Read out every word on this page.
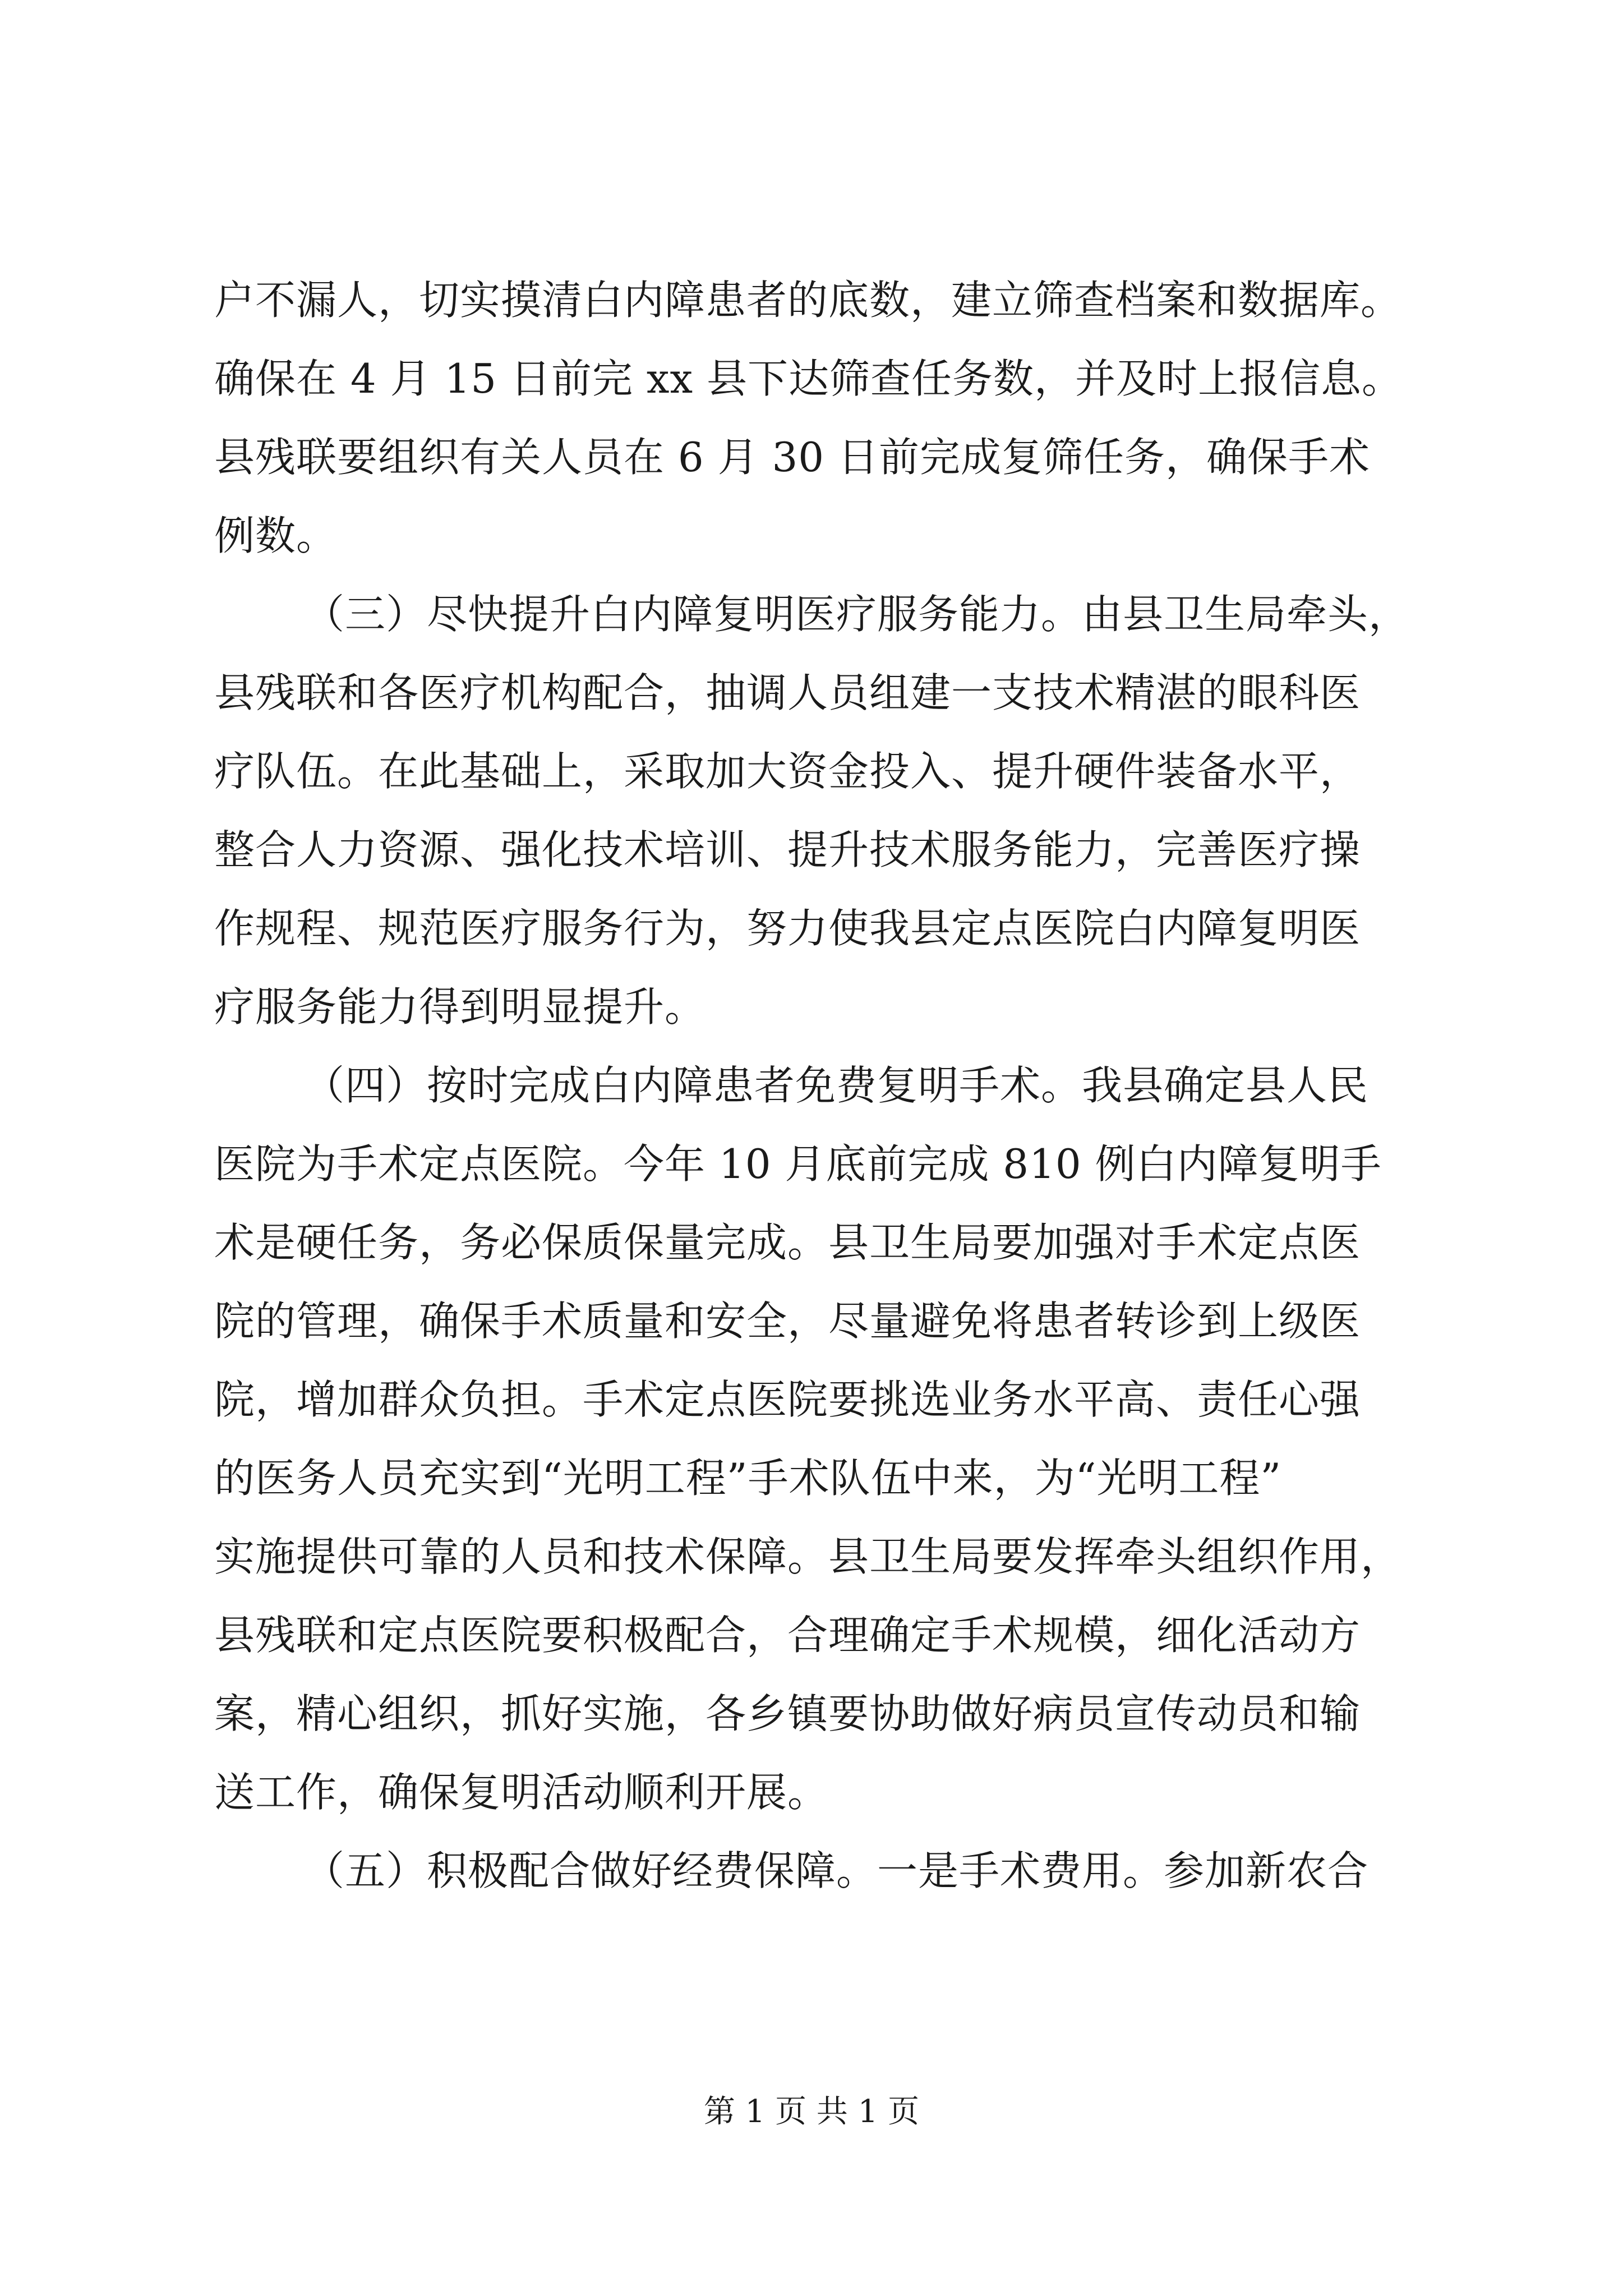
户不漏人，切实摸清白内障患者的底数，建立筛查档案和数据库。
确保在 4 月 15 日前完 xx 县下达筛查任务数，并及时上报信息。
县残联要组织有关人员在 6 月 30 日前完成复筛任务，确保手术
例数。
（三）尽快提升白内障复明医疗服务能力。由县卫生局牵头，
县残联和各医疗机构配合，抽调人员组建一支技术精湛的眼科医
疗队伍。在此基础上，采取加大资金投入、提升硬件装备水平，
整合人力资源、强化技术培训、提升技术服务能力，完善医疗操
作规程、规范医疗服务行为，努力使我县定点医院白内障复明医
疗服务能力得到明显提升。
（四）按时完成白内障患者免费复明手术。我县确定县人民
医院为手术定点医院。今年 10 月底前完成 810 例白内障复明手
术是硬任务，务必保质保量完成。县卫生局要加强对手术定点医
院的管理，确保手术质量和安全，尽量避免将患者转诊到上级医
院，增加群众负担。手术定点医院要挑选业务水平高、责任心强
的医务人员充实到“光明工程”手术队伍中来，为“光明工程”
实施提供可靠的人员和技术保障。县卫生局要发挥牵头组织作用，
县残联和定点医院要积极配合，合理确定手术规模，细化活动方
案，精心组织，抓好实施，各乡镇要协助做好病员宣传动员和输
送工作，确保复明活动顺利开展。
（五）积极配合做好经费保障。一是手术费用。参加新农合
第 1 页 共 1 页
